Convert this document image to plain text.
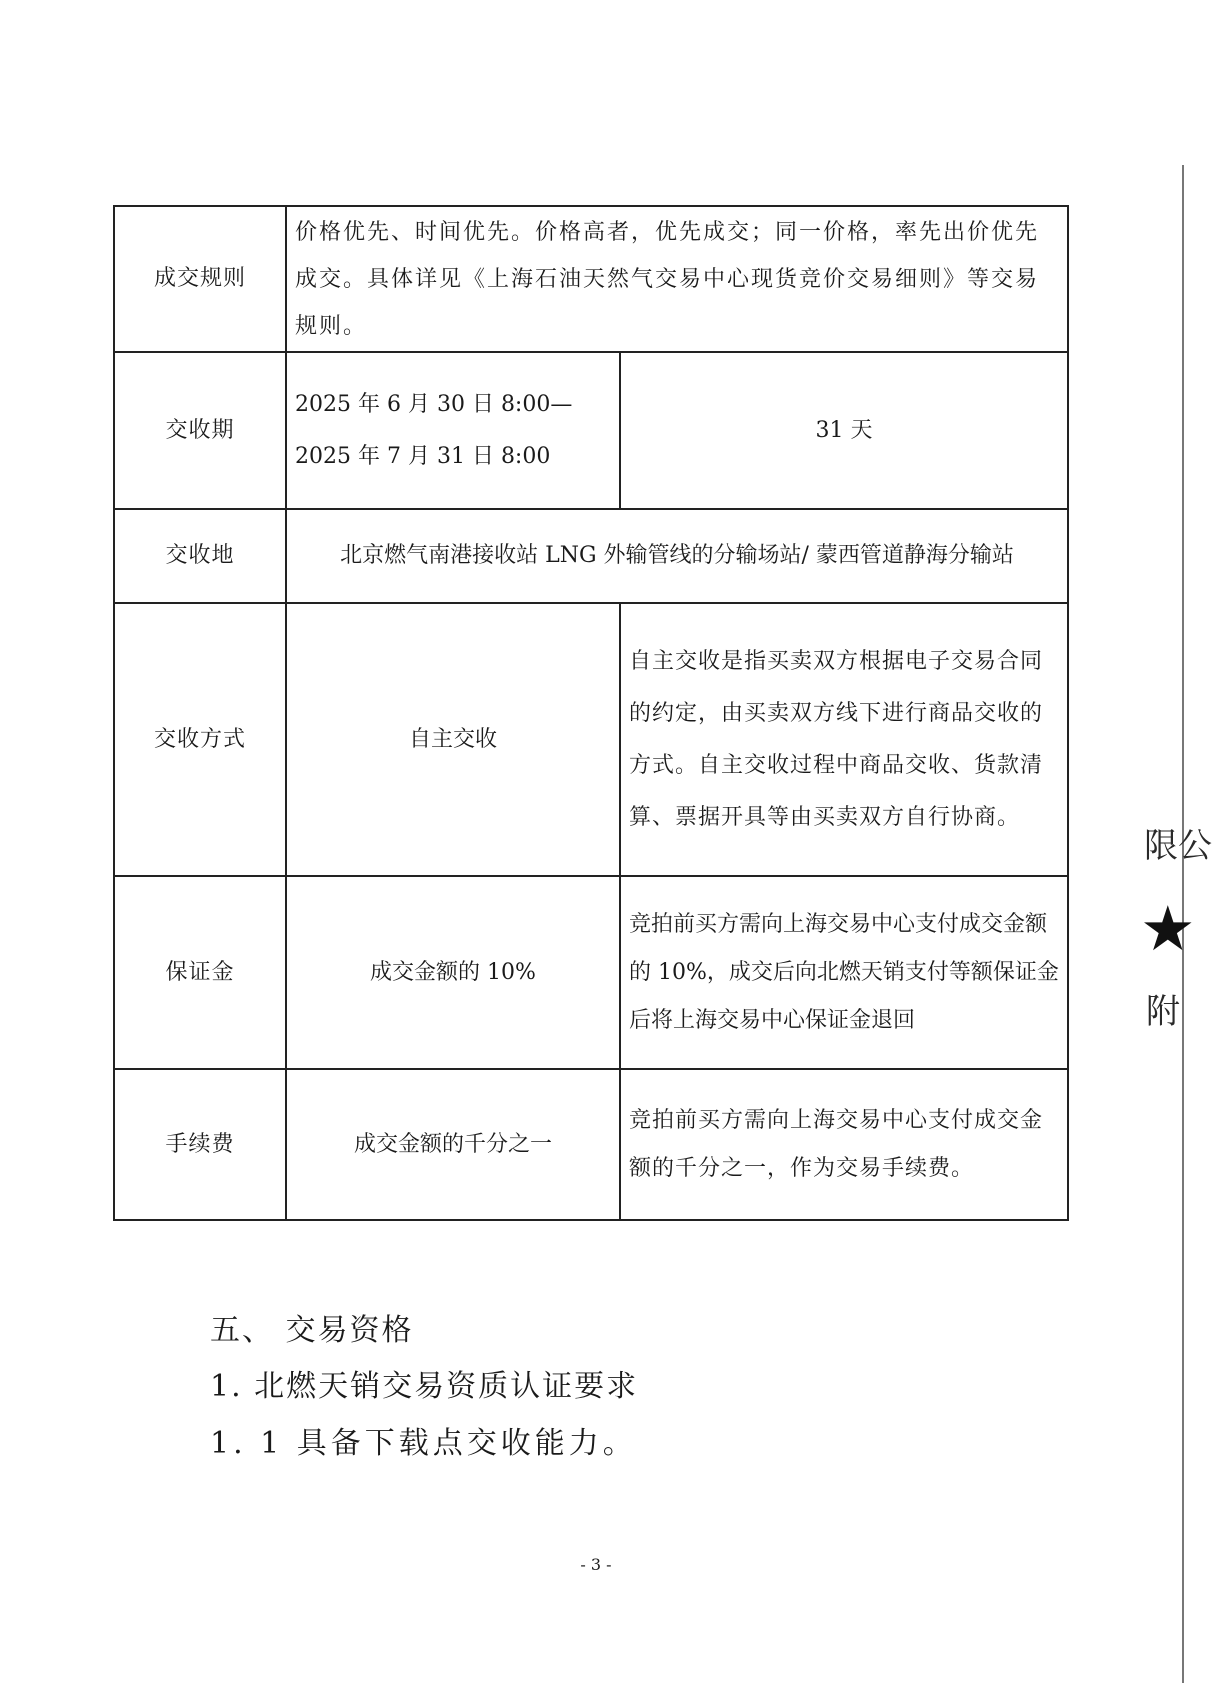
成交规则	价格优先、时间优先。价格高者，优先成交；同一价格，率先出价优先成交。具体详见《上海石油天然气交易中心现货竞价交易细则》等交易规则。	
交收期	2025 年 6 月 30 日 8:00—2025 年 7 月 31 日 8:00	31 天
交收地	北京燃气南港接收站 LNG 外输管线的分输场站/ 蒙西管道静海分输站	
交收方式	自主交收	自主交收是指买卖双方根据电子交易合同的约定，由买卖双方线下进行商品交收的方式。自主交收过程中商品交收、货款清算、票据开具等由买卖双方自行协商。
保证金	成交金额的 10%	竞拍前买方需向上海交易中心支付成交金额的 10%，成交后向北燃天销支付等额保证金后将上海交易中心保证金退回
手续费	成交金额的千分之一	竞拍前买方需向上海交易中心支付成交金额的千分之一，作为交易手续费。
五、 交易资格
1. 北燃天销交易资质认证要求
1. 1 具备下载点交收能力。
- 3 -
限公
★
附
